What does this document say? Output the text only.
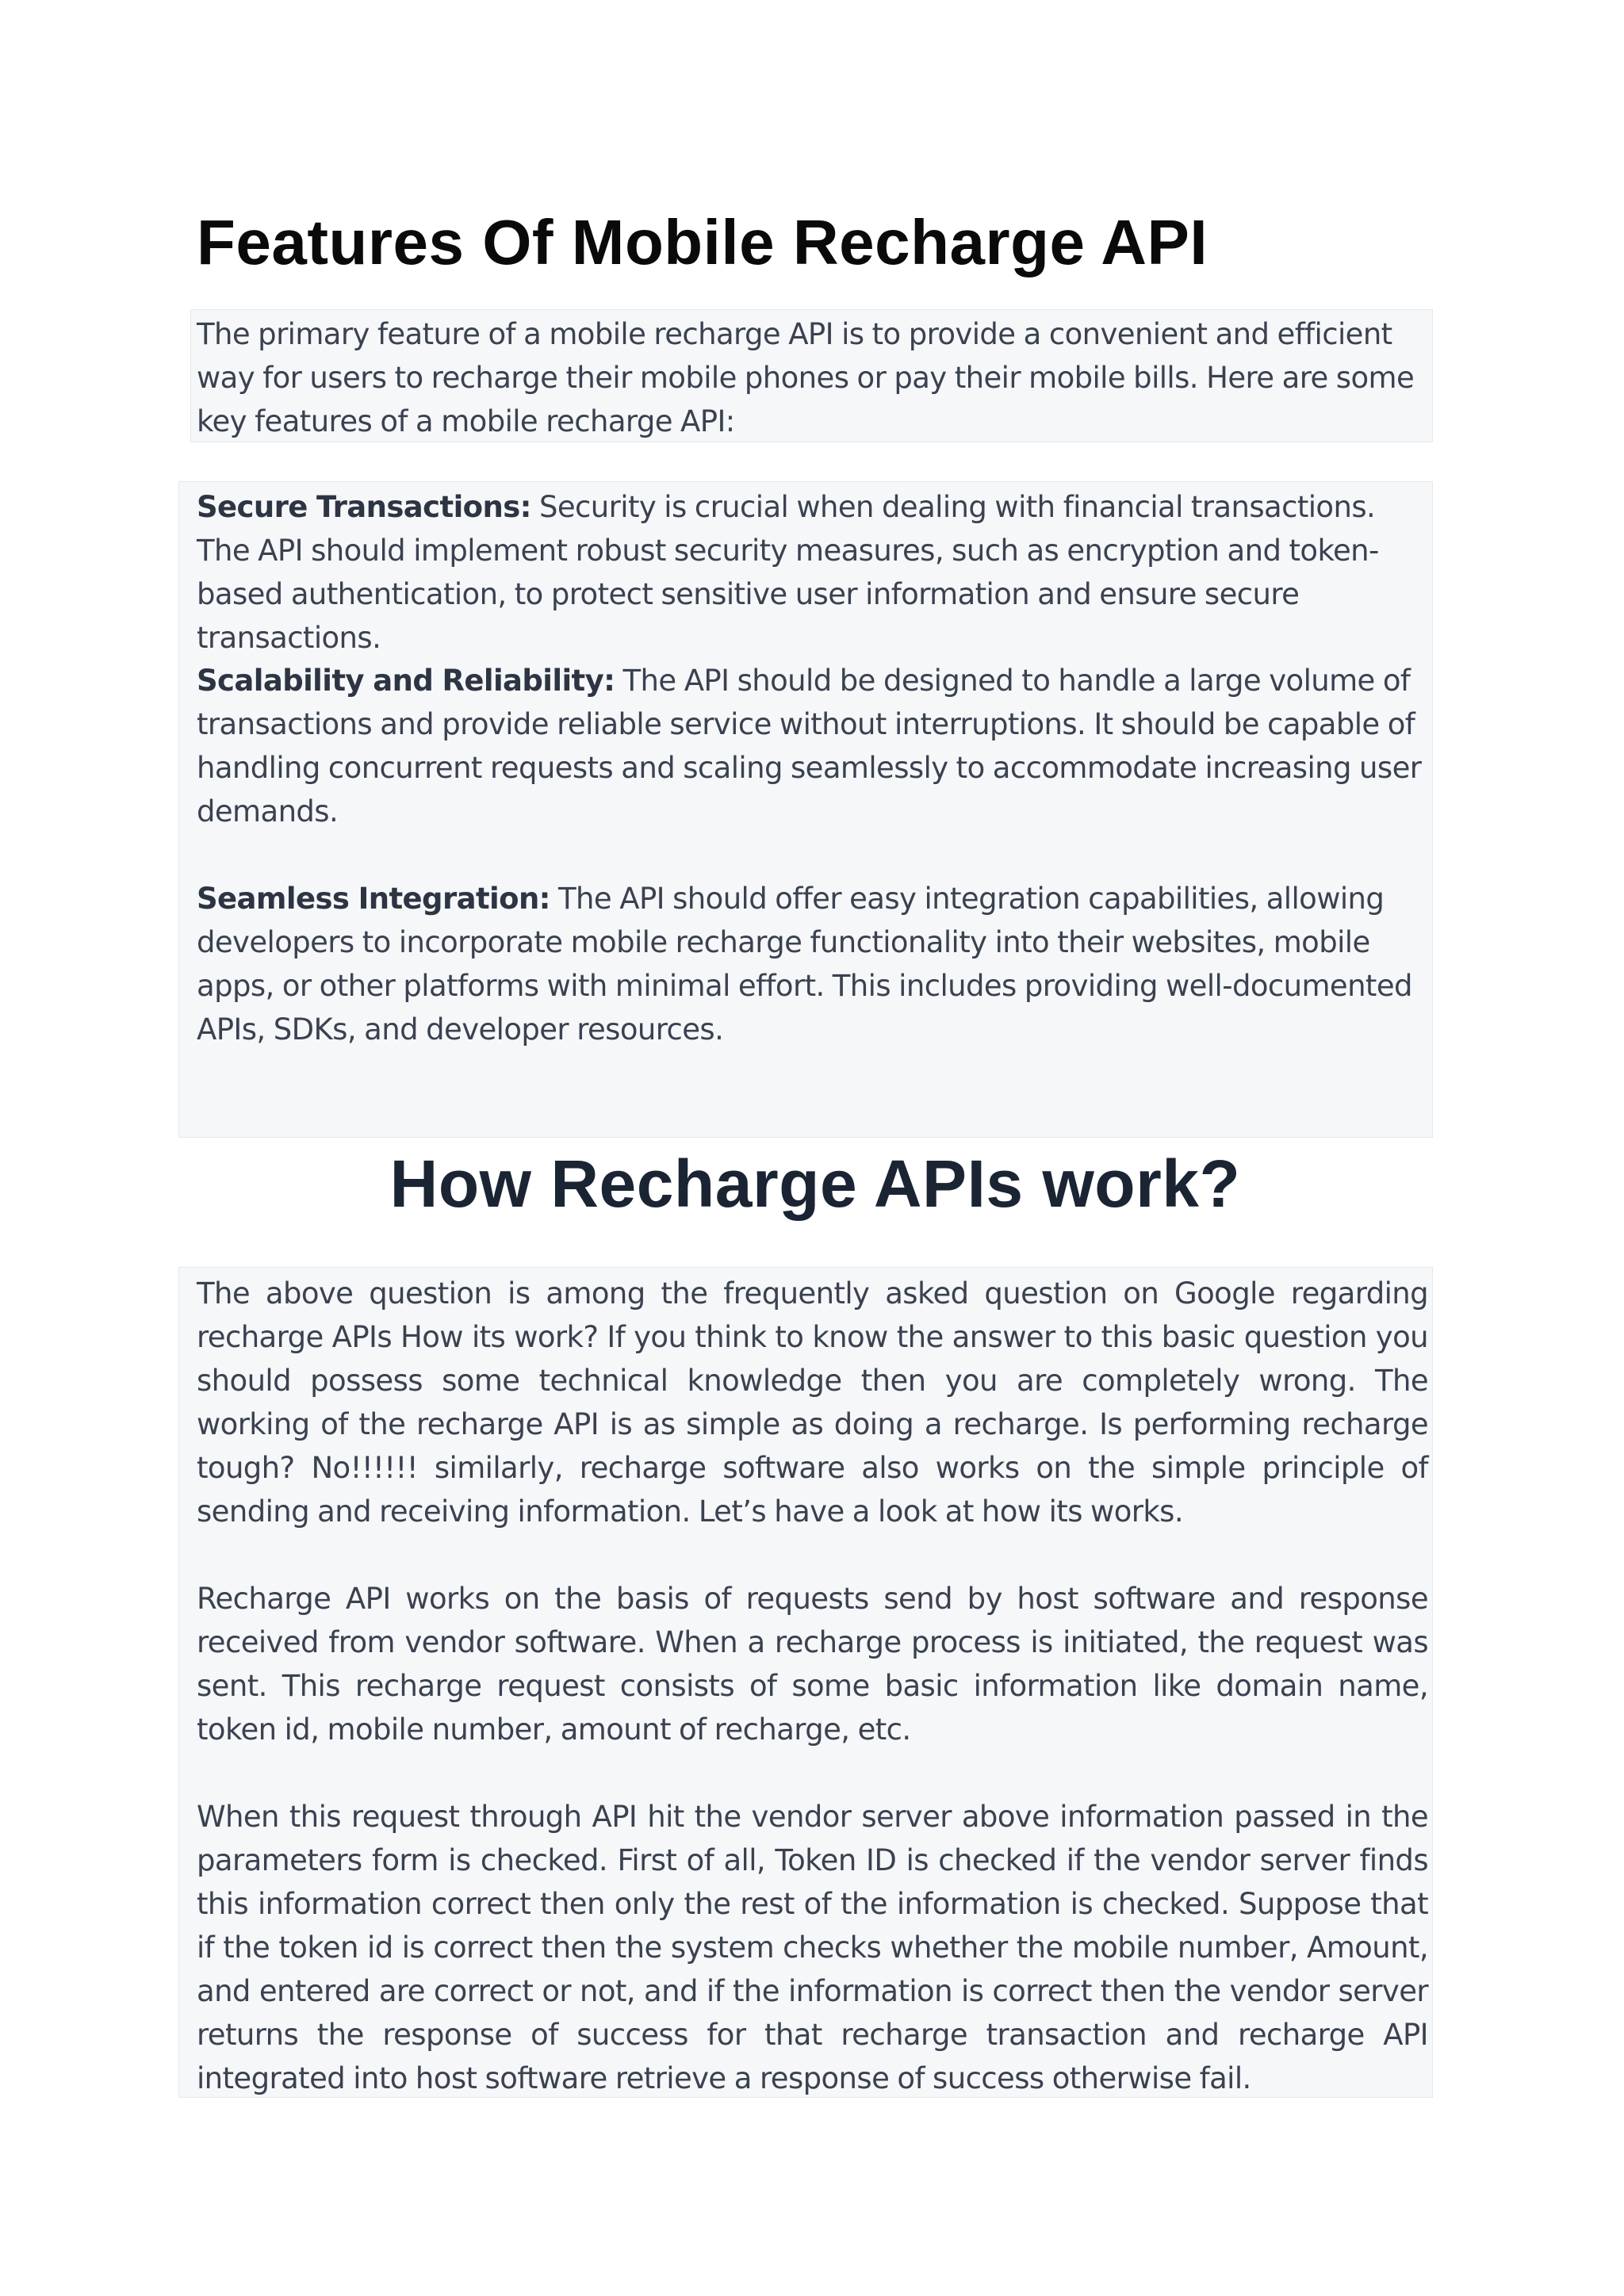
Features Of Mobile Recharge API

The primary feature of a mobile recharge API is to provide a convenient and efficient way for users to recharge their mobile phones or pay their mobile bills. Here are some key features of a mobile recharge API:

Secure Transactions: Security is crucial when dealing with financial transactions. The API should implement robust security measures, such as encryption and token-based authentication, to protect sensitive user information and ensure secure transactions.

Scalability and Reliability: The API should be designed to handle a large volume of transactions and provide reliable service without interruptions. It should be capable of handling concurrent requests and scaling seamlessly to accommodate increasing user demands.

Seamless Integration: The API should offer easy integration capabilities, allowing developers to incorporate mobile recharge functionality into their websites, mobile apps, or other platforms with minimal effort. This includes providing well-documented APIs, SDKs, and developer resources.

How Recharge APIs work?

The above question is among the frequently asked question on Google regarding recharge APIs How its work? If you think to know the answer to this basic question you should possess some technical knowledge then you are completely wrong. The working of the recharge API is as simple as doing a recharge. Is performing recharge tough? No!!!!!! similarly, recharge software also works on the simple principle of sending and receiving information. Let’s have a look at how its works.

Recharge API works on the basis of requests send by host software and response received from vendor software. When a recharge process is initiated, the request was sent. This recharge request consists of some basic information like domain name, token id, mobile number, amount of recharge, etc.

When this request through API hit the vendor server above information passed in the parameters form is checked. First of all, Token ID is checked if the vendor server finds this information correct then only the rest of the information is checked. Suppose that if the token id is correct then the system checks whether the mobile number, Amount, and entered are correct or not, and if the information is correct then the vendor server returns the response of success for that recharge transaction and recharge API integrated into host software retrieve a response of success otherwise fail.
